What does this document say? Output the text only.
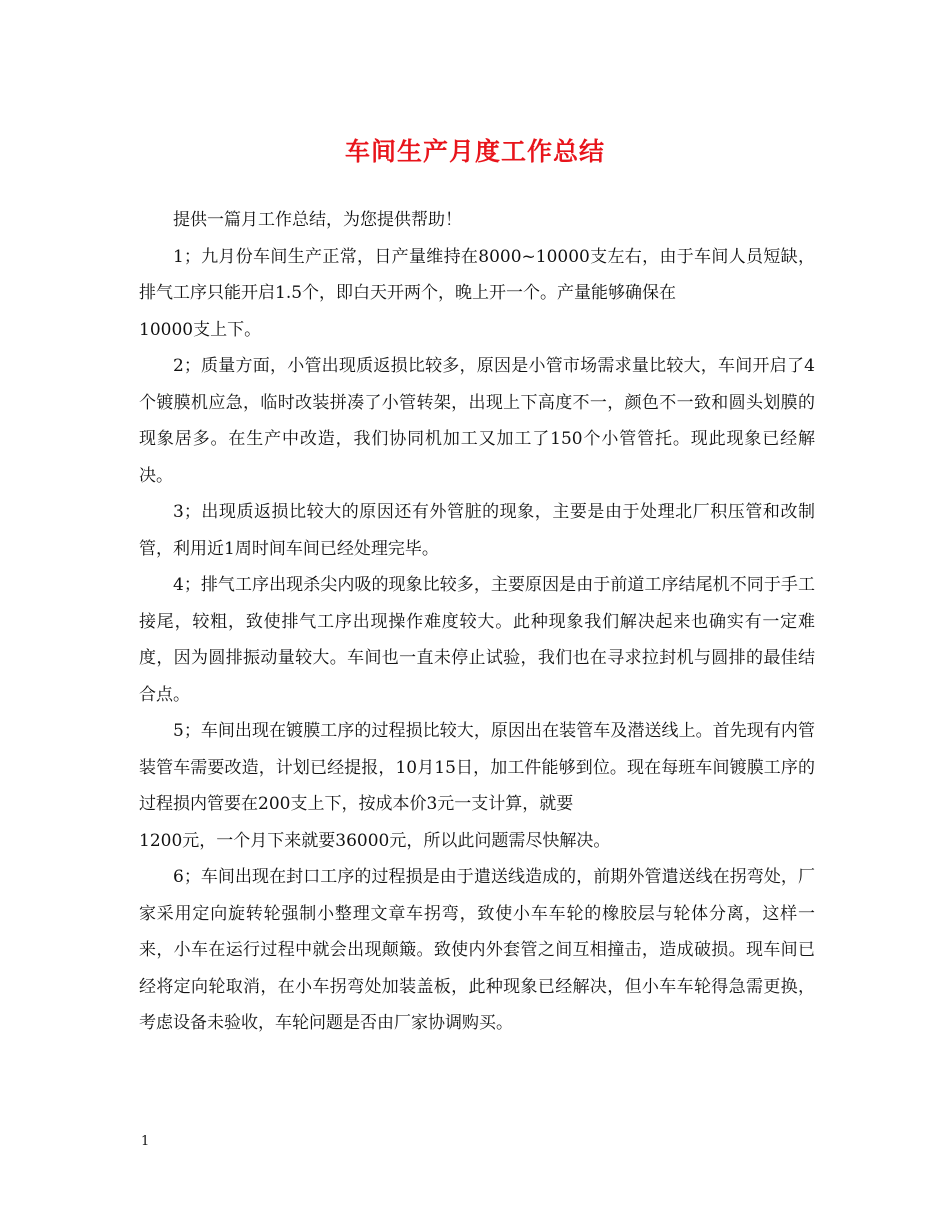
车间生产月度工作总结

提供一篇月工作总结，为您提供帮助！

1；九月份车间生产正常，日产量维持在8000~10000支左右，由于车间人员短缺，排气工序只能开启1.5个，即白天开两个，晚上开一个。产量能够确保在
10000支上下。

2；质量方面，小管出现质返损比较多，原因是小管市场需求量比较大，车间开启了4个镀膜机应急，临时改装拼凑了小管转架，出现上下高度不一，颜色不一致和圆头划膜的现象居多。在生产中改造，我们协同机加工又加工了150个小管管托。现此现象已经解决。

3；出现质返损比较大的原因还有外管脏的现象，主要是由于处理北厂积压管和改制管，利用近1周时间车间已经处理完毕。

4；排气工序出现杀尖内吸的现象比较多，主要原因是由于前道工序结尾机不同于手工接尾，较粗，致使排气工序出现操作难度较大。此种现象我们解决起来也确实有一定难度，因为圆排振动量较大。车间也一直未停止试验，我们也在寻求拉封机与圆排的最佳结合点。

5；车间出现在镀膜工序的过程损比较大，原因出在装管车及潜送线上。首先现有内管装管车需要改造，计划已经提报，10月15日，加工件能够到位。现在每班车间镀膜工序的过程损内管要在200支上下，按成本价3元一支计算，就要
1200元，一个月下来就要36000元，所以此问题需尽快解决。

6；车间出现在封口工序的过程损是由于遣送线造成的，前期外管遣送线在拐弯处，厂家采用定向旋转轮强制小整理文章车拐弯，致使小车车轮的橡胶层与轮体分离，这样一来，小车在运行过程中就会出现颠簸。致使内外套管之间互相撞击，造成破损。现车间已经将定向轮取消，在小车拐弯处加装盖板，此种现象已经解决，但小车车轮得急需更换，考虑设备未验收，车轮问题是否由厂家协调购买。

1
